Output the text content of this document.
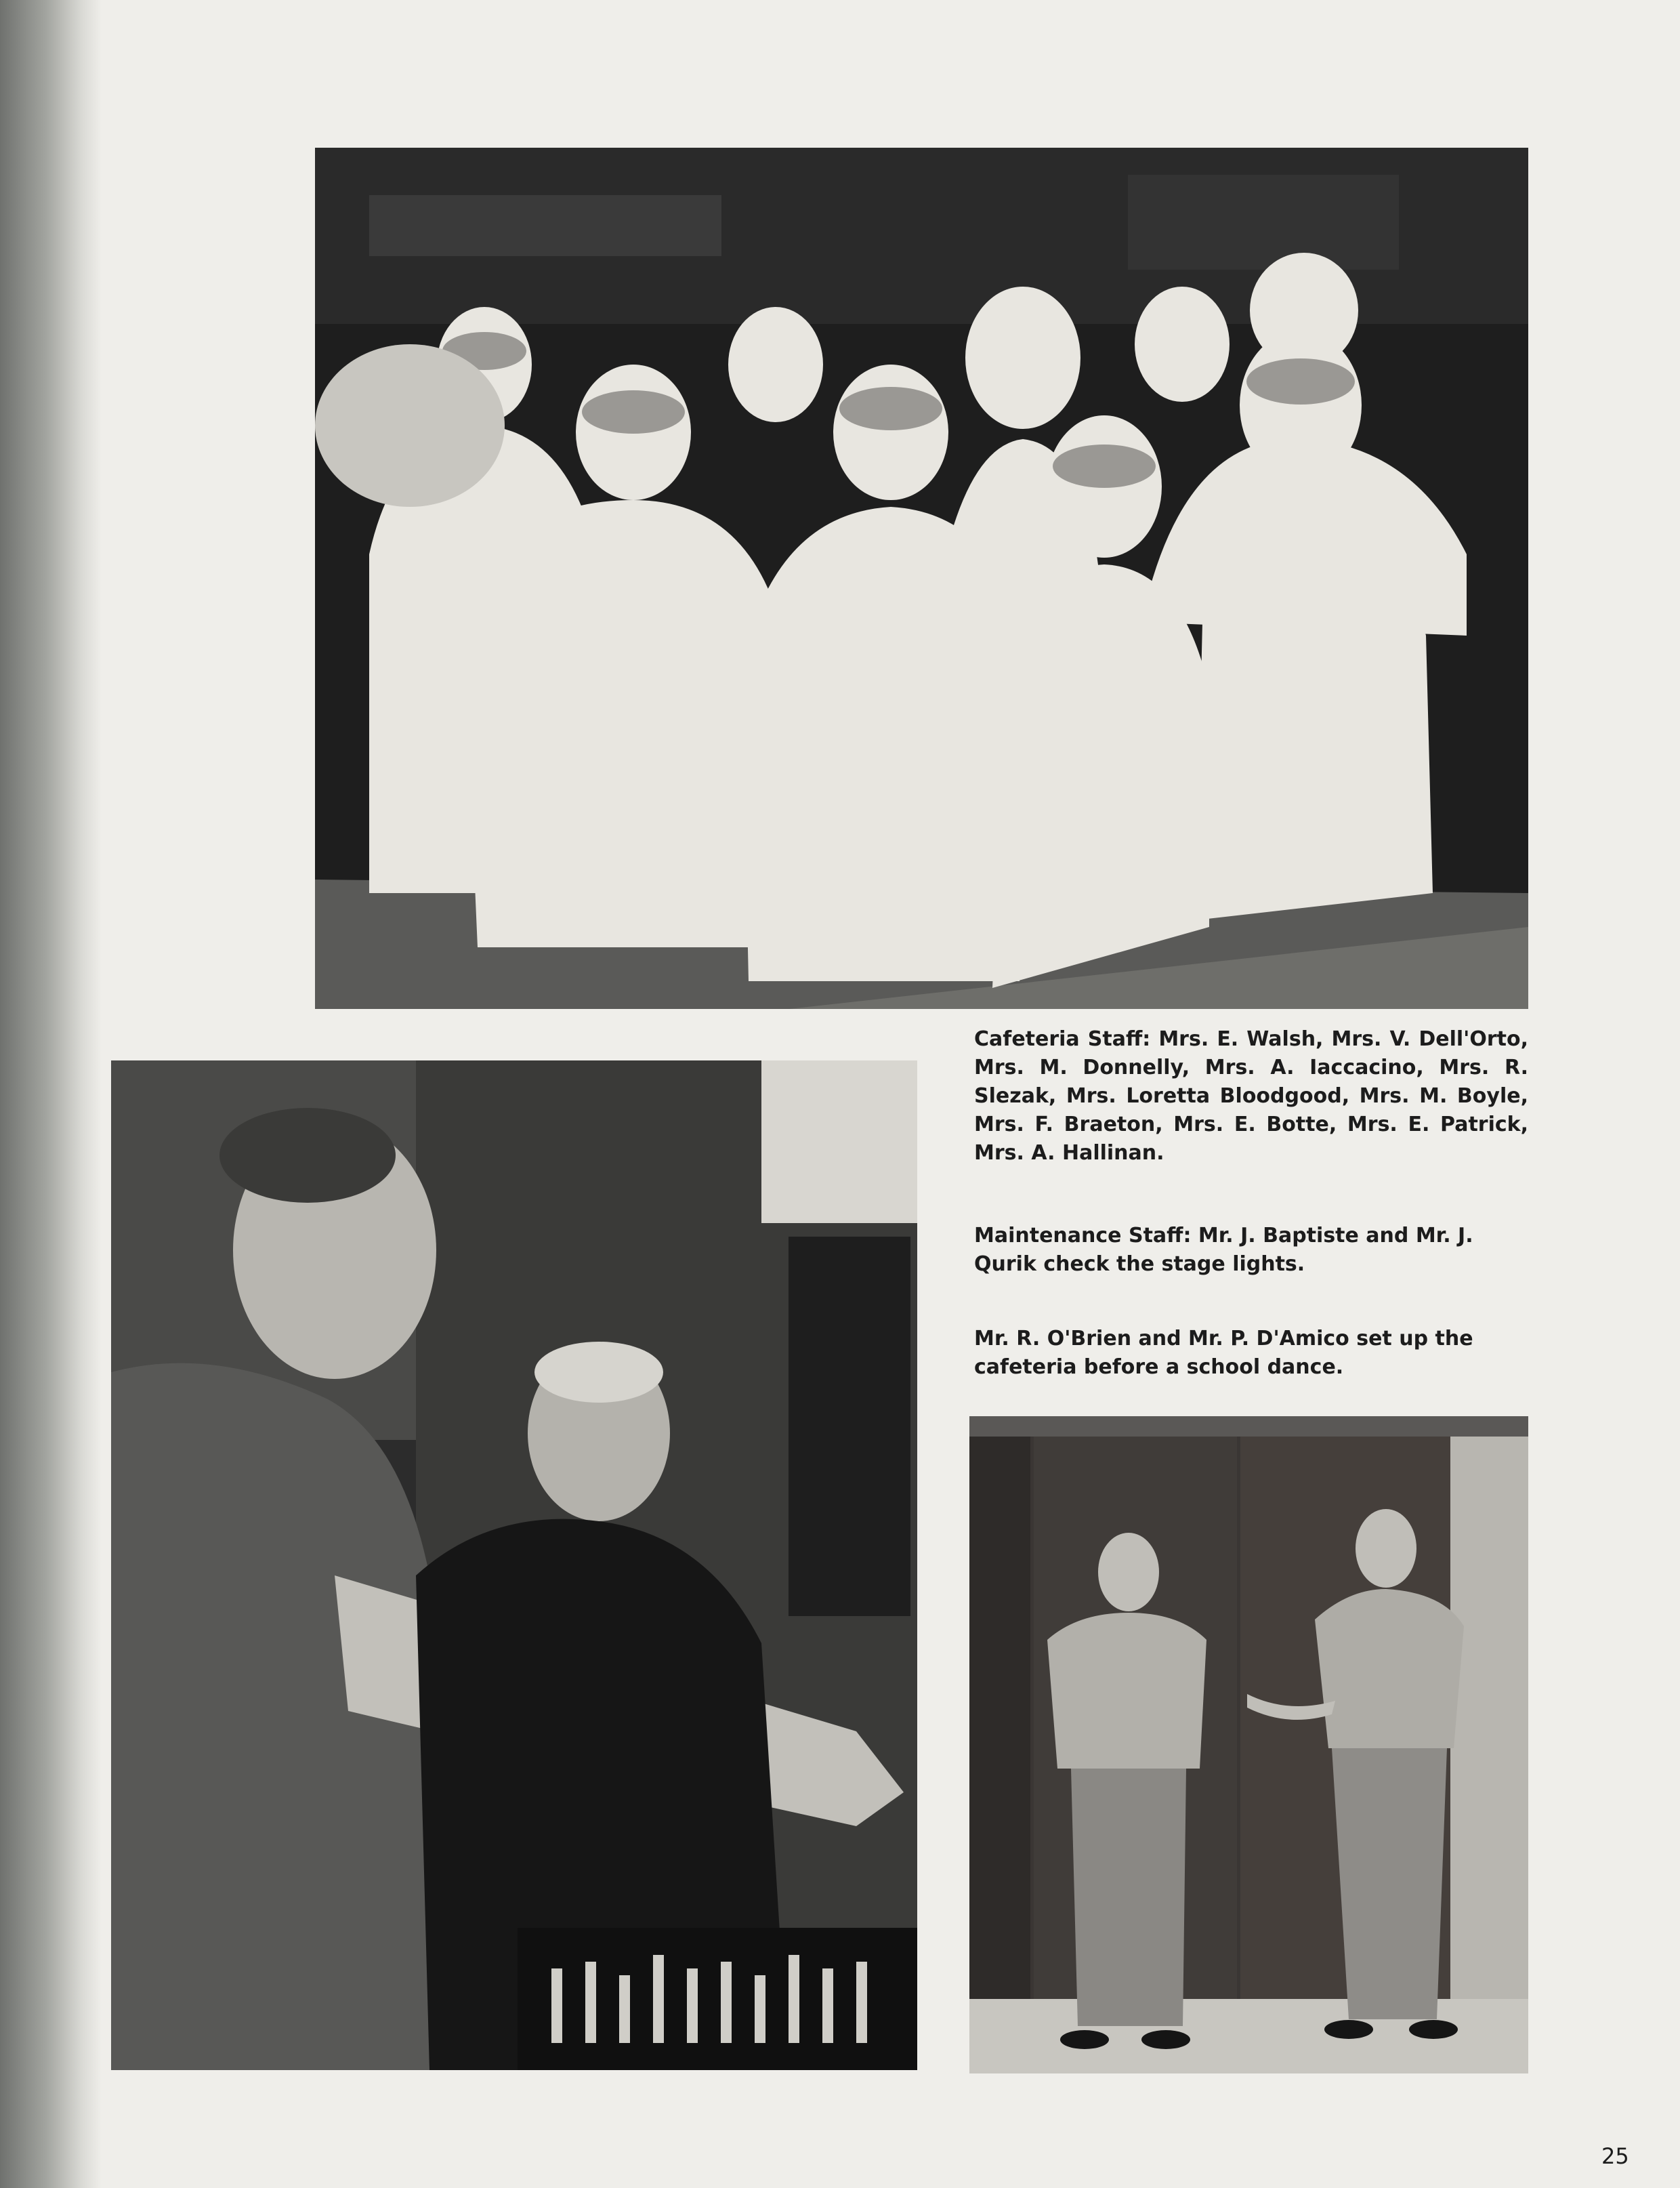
Cafeteria Staff: Mrs. E. Walsh, Mrs. V. Dell'Orto, Mrs. M. Donnelly, Mrs. A. Iaccacino, Mrs. R. Slezak, Mrs. Loretta Bloodgood, Mrs. M. Boyle, Mrs. F. Braeton, Mrs. E. Botte, Mrs. E. Patrick, Mrs. A. Hallinan.

Maintenance Staff: Mr. J. Baptiste and Mr. J. Qurik check the stage lights.

Mr. R. O'Brien and Mr. P. D'Amico set up the cafeteria before a school dance.

25
